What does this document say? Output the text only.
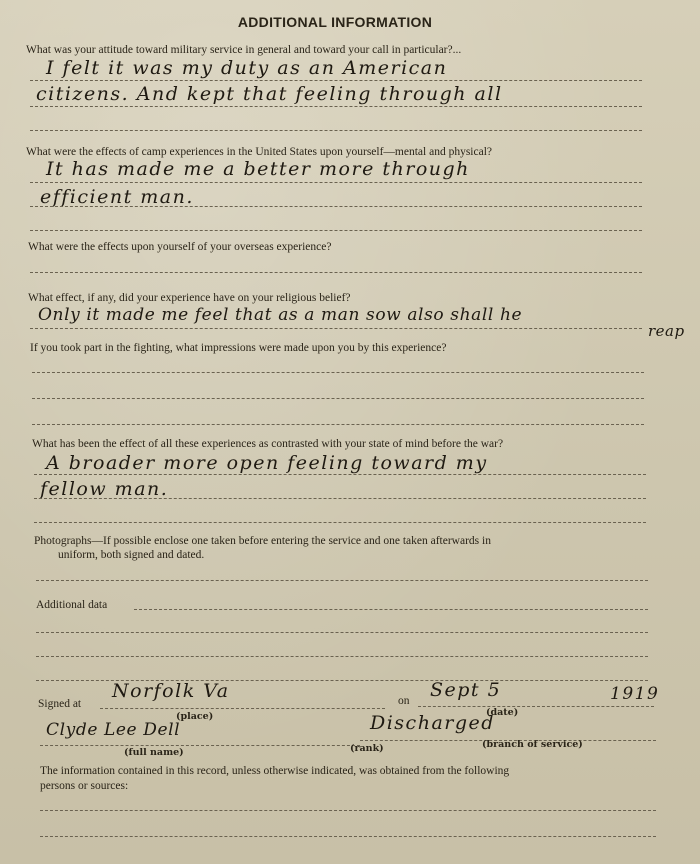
ADDITIONAL INFORMATION
What was your attitude toward military service in general and toward your call in particular?...
I felt it was my duty as an American
citizens. And kept that feeling through all
What were the effects of camp experiences in the United States upon yourself—mental and physical?
It has made me a better more through
efficient man.
What were the effects upon yourself of your overseas experience?
What effect, if any, did your experience have on your religious belief?
Only it made me feel that as a man sow also shall he
reap
If you took part in the fighting, what impressions were made upon you by this experience?
What has been the effect of all these experiences as contrasted with your state of mind before the war?
A broader more open feeling toward my
fellow man.
Photographs—If possible enclose one taken before entering the service and one taken afterwards in
uniform, both signed and dated.
Additional data
Signed at
Norfolk Va
(place)
on Sept 5	1919
(date)
Clyde Lee Dell
(full name)
Discharged
(rank)	(branch of service)
The information contained in this record, unless otherwise indicated, was obtained from the following
persons or sources:
